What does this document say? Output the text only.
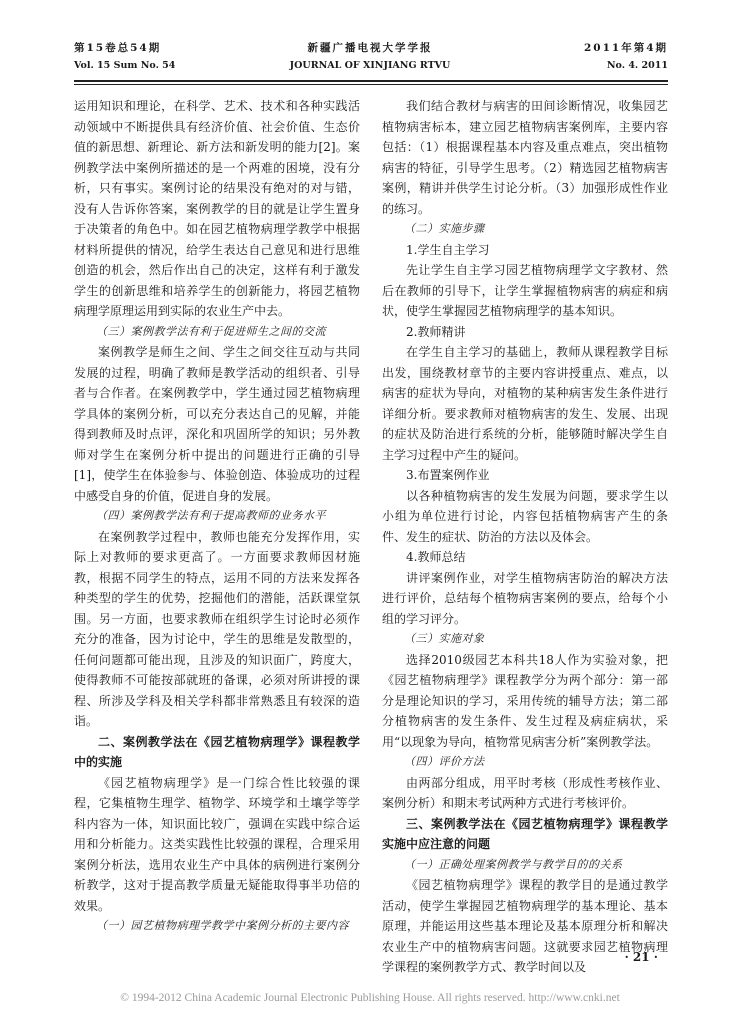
第15卷总54期
Vol. 15 Sum No. 54
新疆广播电视大学学报
JOURNAL OF XINJIANG RTVU
2011年第4期
No. 4. 2011

运用知识和理论，在科学、艺术、技术和各种实践活动领域中不断提供具有经济价值、社会价值、生态价值的新思想、新理论、新方法和新发明的能力[2]。案例教学法中案例所描述的是一个两难的困境，没有分析，只有事实。案例讨论的结果没有绝对的对与错，没有人告诉你答案，案例教学的目的就是让学生置身于决策者的角色中。如在园艺植物病理学教学中根据材料所提供的情况，给学生表达自己意见和进行思维创造的机会，然后作出自己的决定，这样有利于激发学生的创新思维和培养学生的创新能力，将园艺植物病理学原理运用到实际的农业生产中去。

（三）案例教学法有利于促进师生之间的交流

案例教学是师生之间、学生之间交往互动与共同发展的过程，明确了教师是教学活动的组织者、引导者与合作者。在案例教学中，学生通过园艺植物病理学具体的案例分析，可以充分表达自己的见解，并能得到教师及时点评，深化和巩固所学的知识；另外教师对学生在案例分析中提出的问题进行正确的引导[1]，使学生在体验参与、体验创造、体验成功的过程中感受自身的价值，促进自身的发展。

（四）案例教学法有利于提高教师的业务水平

在案例教学过程中，教师也能充分发挥作用，实际上对教师的要求更高了。一方面要求教师因材施教，根据不同学生的特点，运用不同的方法来发挥各种类型的学生的优势，挖掘他们的潜能，活跃课堂氛围。另一方面，也要求教师在组织学生讨论时必须作充分的准备，因为讨论中，学生的思维是发散型的，任何问题都可能出现，且涉及的知识面广，跨度大，使得教师不可能按部就班的备课，必须对所讲授的课程、所涉及学科及相关学科都非常熟悉且有较深的造诣。

二、案例教学法在《园艺植物病理学》课程教学中的实施

《园艺植物病理学》是一门综合性比较强的课程，它集植物生理学、植物学、环境学和土壤学等学科内容为一体，知识面比较广，强调在实践中综合运用和分析能力。这类实践性比较强的课程，合理采用案例分析法，选用农业生产中具体的病例进行案例分析教学，这对于提高教学质量无疑能取得事半功倍的效果。

（一）园艺植物病理学教学中案例分析的主要内容

我们结合教材与病害的田间诊断情况，收集园艺植物病害标本，建立园艺植物病害案例库，主要内容包括：（1）根据课程基本内容及重点难点，突出植物病害的特征，引导学生思考。（2）精选园艺植物病害案例，精讲并供学生讨论分析。（3）加强形成性作业的练习。

（二）实施步骤

1.学生自主学习

先让学生自主学习园艺植物病理学文字教材、然后在教师的引导下，让学生掌握植物病害的病症和病状，使学生掌握园艺植物病理学的基本知识。

2.教师精讲

在学生自主学习的基础上，教师从课程教学目标出发，围绕教材章节的主要内容讲授重点、难点，以病害的症状为导向，对植物的某种病害发生条件进行详细分析。要求教师对植物病害的发生、发展、出现的症状及防治进行系统的分析，能够随时解决学生自主学习过程中产生的疑问。

3.布置案例作业

以各种植物病害的发生发展为问题，要求学生以小组为单位进行讨论，内容包括植物病害产生的条件、发生的症状、防治的方法以及体会。

4.教师总结

讲评案例作业，对学生植物病害防治的解决方法进行评价，总结每个植物病害案例的要点，给每个小组的学习评分。

（三）实施对象

选择2010级园艺本科共18人作为实验对象，把《园艺植物病理学》课程教学分为两个部分：第一部分是理论知识的学习，采用传统的辅导方法；第二部分植物病害的发生条件、发生过程及病症病状，采用“以现象为导向，植物常见病害分析”案例教学法。

（四）评价方法

由两部分组成，用平时考核（形成性考核作业、案例分析）和期末考试两种方式进行考核评价。

三、案例教学法在《园艺植物病理学》课程教学实施中应注意的问题

（一）正确处理案例教学与教学目的的关系

《园艺植物病理学》课程的教学目的是通过教学活动，使学生掌握园艺植物病理学的基本理论、基本原理，并能运用这些基本理论及基本原理分析和解决农业生产中的植物病害问题。这就要求园艺植物病理学课程的案例教学方式、教学时间以及

· 21 ·
© 1994-2012 China Academic Journal Electronic Publishing House. All rights reserved. http://www.cnki.net
